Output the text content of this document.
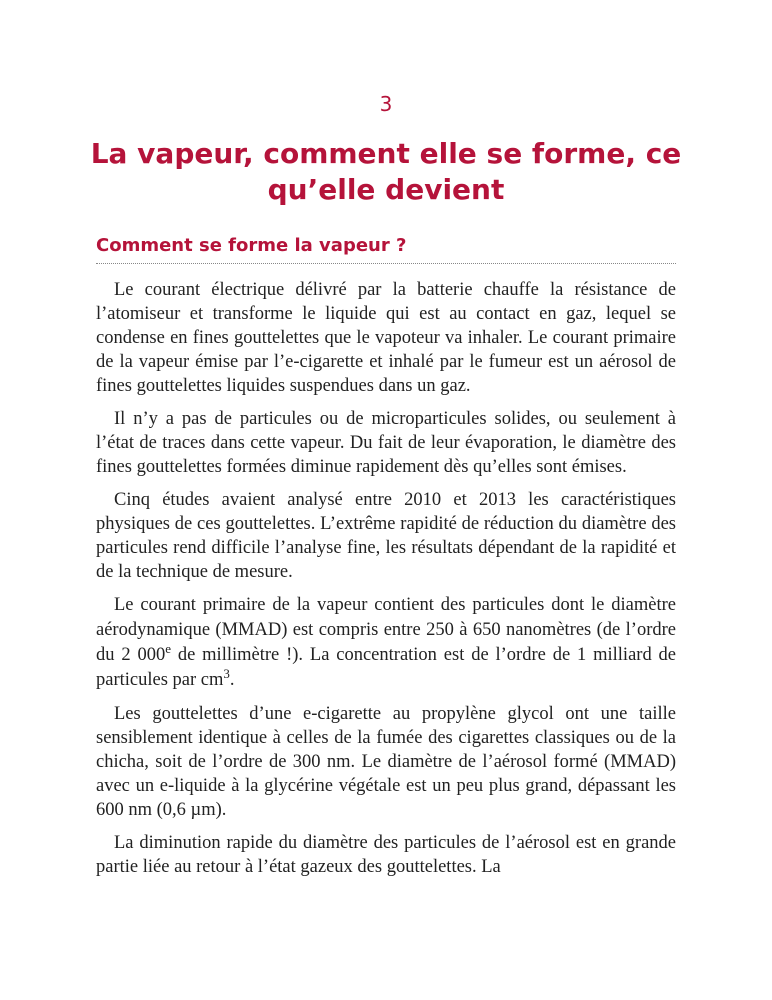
3
La vapeur, comment elle se forme, ce qu’elle devient
Comment se forme la vapeur ?

Le courant électrique délivré par la batterie chauffe la résistance de l’atomiseur et transforme le liquide qui est au contact en gaz, lequel se condense en fines gouttelettes que le vapoteur va inhaler. Le courant primaire de la vapeur émise par l’e-cigarette et inhalé par le fumeur est un aérosol de fines gouttelettes liquides suspendues dans un gaz.

Il n’y a pas de particules ou de microparticules solides, ou seulement à l’état de traces dans cette vapeur. Du fait de leur évaporation, le diamètre des fines gouttelettes formées diminue rapidement dès qu’elles sont émises.

Cinq études avaient analysé entre 2010 et 2013 les caractéristiques physiques de ces gouttelettes. L’extrême rapidité de réduction du diamètre des particules rend difficile l’analyse fine, les résultats dépendant de la rapidité et de la technique de mesure.

Le courant primaire de la vapeur contient des particules dont le diamètre aérodynamique (MMAD) est compris entre 250 à 650 nanomètres (de l’ordre du 2 000e de millimètre !). La concentration est de l’ordre de 1 milliard de particules par $cm^3$.

Les gouttelettes d’une e-cigarette au propylène glycol ont une taille sensiblement identique à celles de la fumée des cigarettes classiques ou de la chicha, soit de l’ordre de 300 nm. Le diamètre de l’aérosol formé (MMAD) avec un e-liquide à la glycérine végétale est un peu plus grand, dépassant les 600 nm (0,6 µm).

La diminution rapide du diamètre des particules de l’aérosol est en grande partie liée au retour à l’état gazeux des gouttelettes. La
